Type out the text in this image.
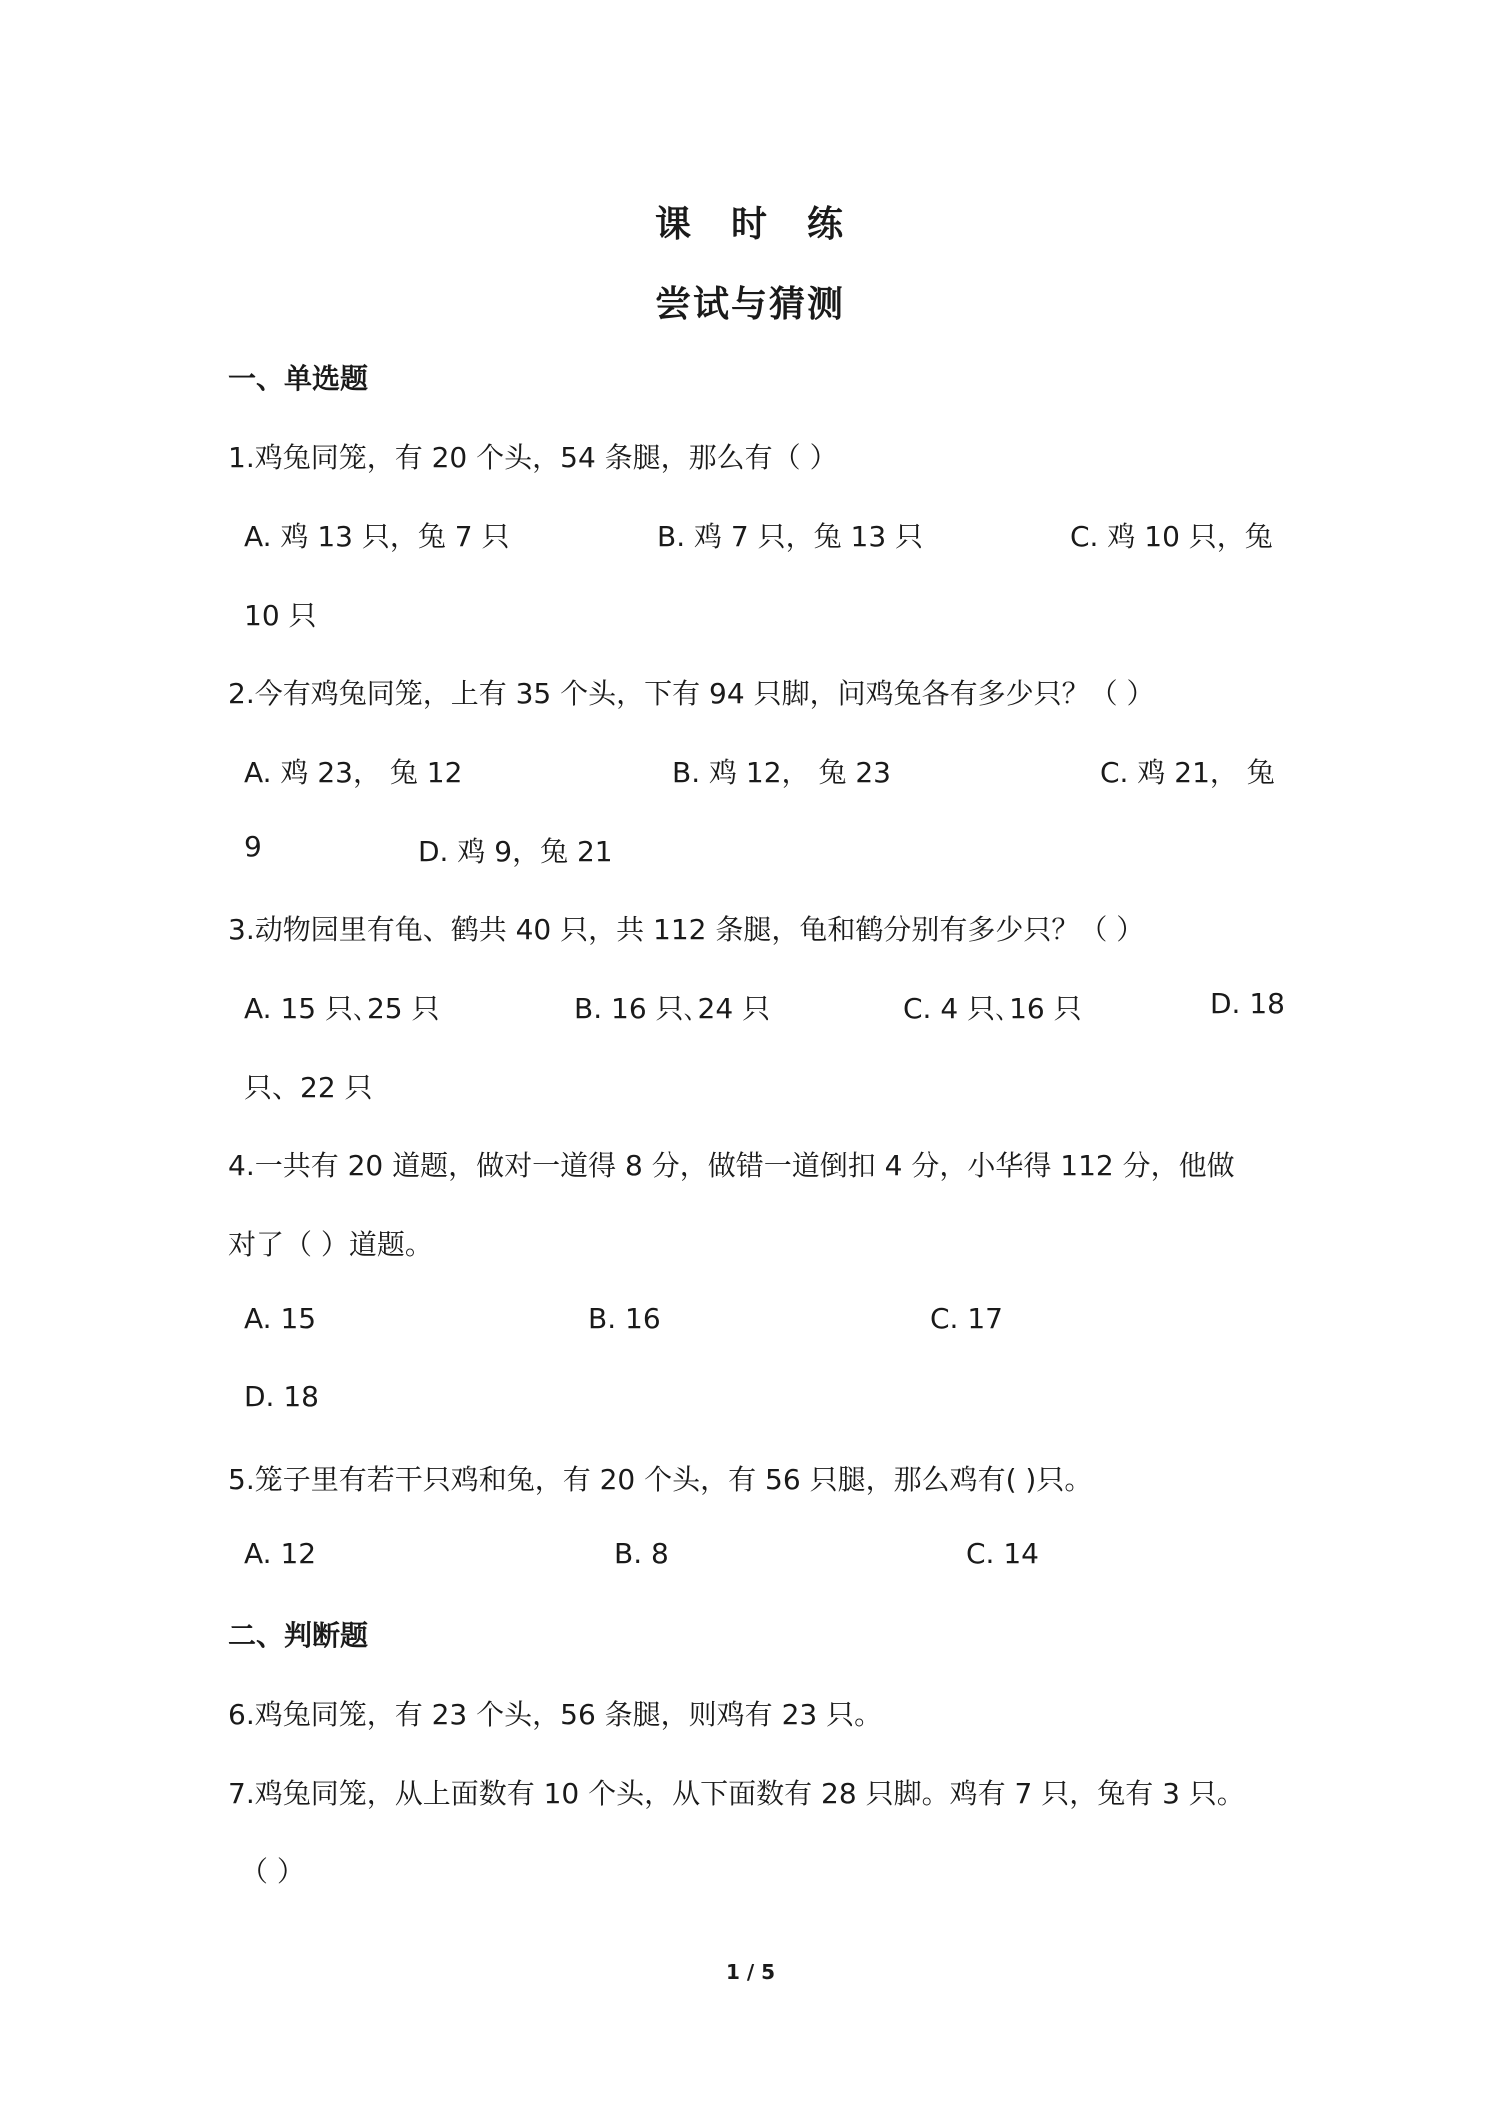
课 时 练
尝试与猜测
一、单选题
1.鸡兔同笼，有 20 个头，54 条腿，那么有（ ）
A. 鸡 13 只，兔 7 只	B. 鸡 7 只，兔 13 只	C. 鸡 10 只，兔
10 只
2.今有鸡兔同笼，上有 35 个头，下有 94 只脚，问鸡兔各有多少只？（ ）
A. 鸡 23， 兔 12	B. 鸡 12， 兔 23	C. 鸡 21， 兔
9	D. 鸡 9，兔 21
3.动物园里有龟、鹤共 40 只，共 112 条腿，龟和鹤分别有多少只？（ ）
A. 15 只､25 只	B. 16 只､24 只	C. 4 只､16 只	D. 18
只、22 只
4.一共有 20 道题，做对一道得 8 分，做错一道倒扣 4 分，小华得 112 分，他做
对了（ ）道题。
A. 15	B. 16	C. 17
D. 18
5.笼子里有若干只鸡和兔，有 20 个头，有 56 只腿，那么鸡有( )只。
A. 12	B. 8	C. 14
二、判断题
6.鸡兔同笼，有 23 个头，56 条腿，则鸡有 23 只。
7.鸡兔同笼，从上面数有 10 个头，从下面数有 28 只脚。鸡有 7 只，兔有 3 只。
（ ）
1 / 5
